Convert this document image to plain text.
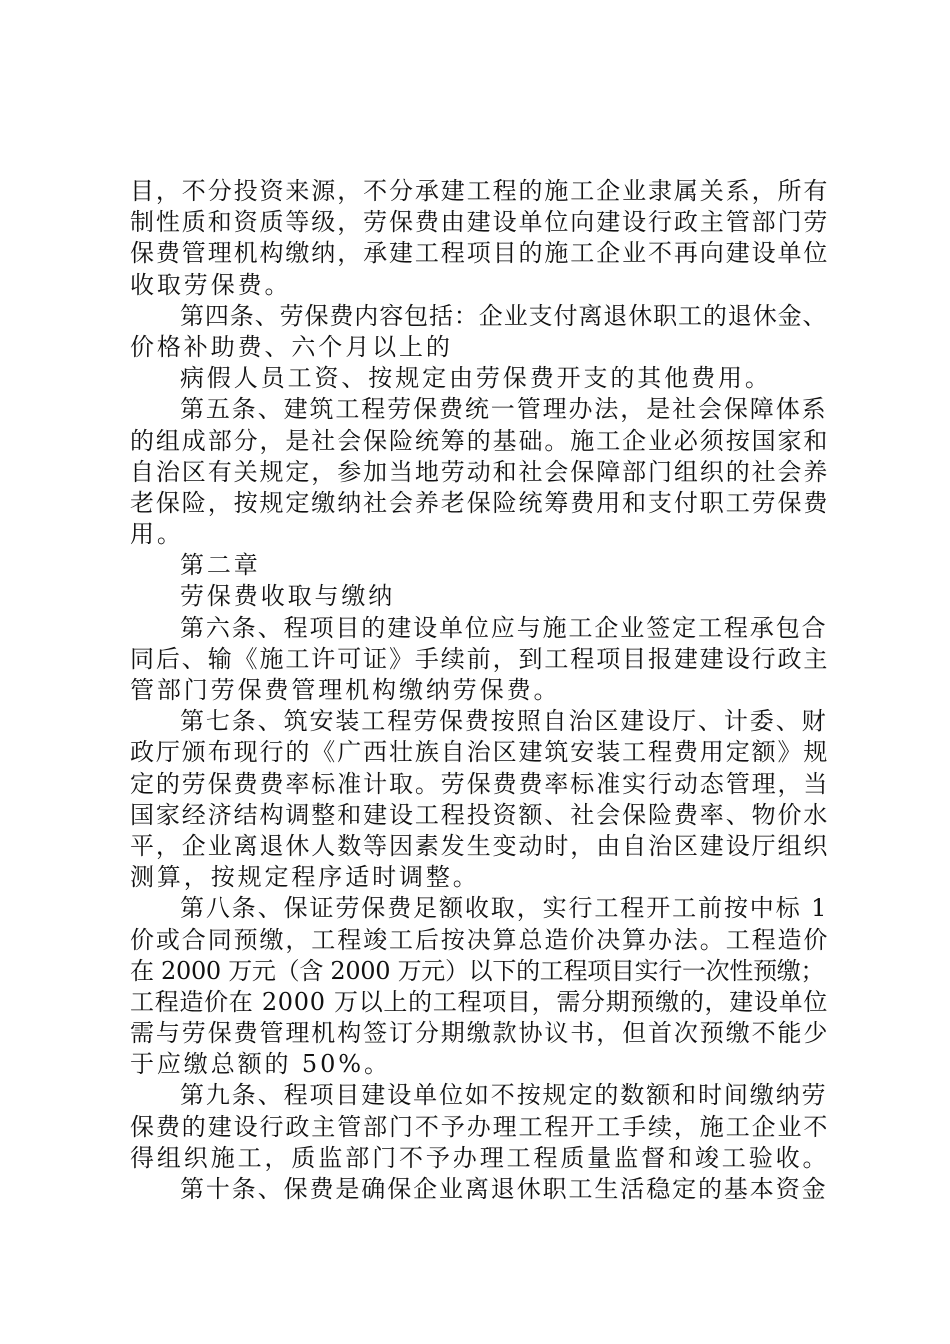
目，不分投资来源，不分承建工程的施工企业隶属关系，所有
制性质和资质等级，劳保费由建设单位向建设行政主管部门劳
保费管理机构缴纳，承建工程项目的施工企业不再向建设单位
收取劳保费。
第四条、劳保费内容包括：企业支付离退休职工的退休金、
价格补助费、六个月以上的
病假人员工资、按规定由劳保费开支的其他费用。
第五条、建筑工程劳保费统一管理办法，是社会保障体系
的组成部分，是社会保险统筹的基础。施工企业必须按国家和
自治区有关规定，参加当地劳动和社会保障部门组织的社会养
老保险，按规定缴纳社会养老保险统筹费用和支付职工劳保费
用。
第二章
劳保费收取与缴纳
第六条、程项目的建设单位应与施工企业签定工程承包合
同后、输《施工许可证》手续前，到工程项目报建建设行政主
管部门劳保费管理机构缴纳劳保费。
第七条、筑安装工程劳保费按照自治区建设厅、计委、财
政厅颁布现行的《广西壮族自治区建筑安装工程费用定额》规
定的劳保费费率标准计取。劳保费费率标准实行动态管理，当
国家经济结构调整和建设工程投资额、社会保险费率、物价水
平，企业离退休人数等因素发生变动时，由自治区建设厅组织
测算，按规定程序适时调整。
第八条、保证劳保费足额收取，实行工程开工前按中标 1
价或合同预缴，工程竣工后按决算总造价决算办法。工程造价
在 2000 万元（含 2000 万元）以下的工程项目实行一次性预缴；
工程造价在 2000 万以上的工程项目，需分期预缴的，建设单位
需与劳保费管理机构签订分期缴款协议书，但首次预缴不能少
于应缴总额的 50%。
第九条、程项目建设单位如不按规定的数额和时间缴纳劳
保费的建设行政主管部门不予办理工程开工手续，施工企业不
得组织施工，质监部门不予办理工程质量监督和竣工验收。
第十条、保费是确保企业离退休职工生活稳定的基本资金
